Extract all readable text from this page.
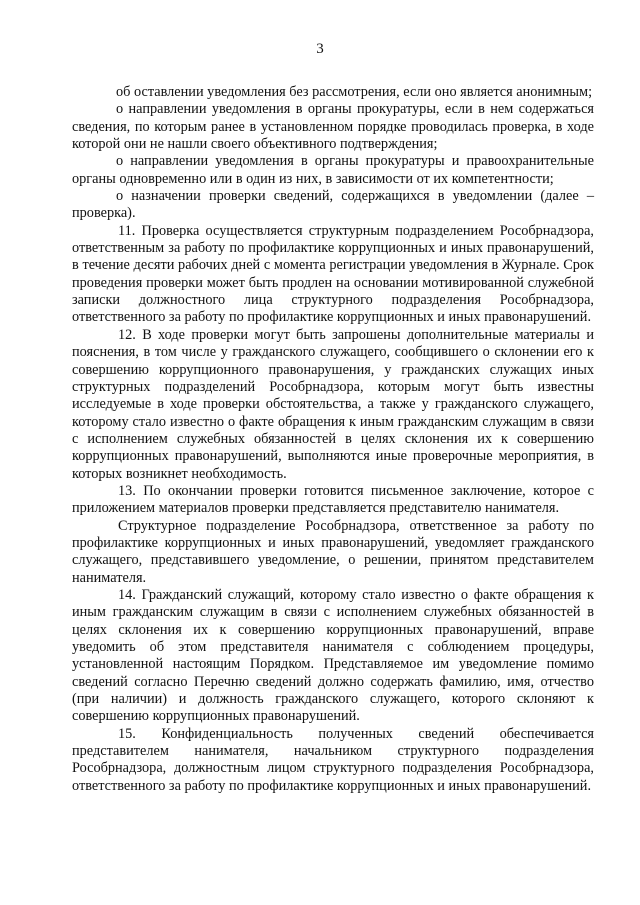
3

об оставлении уведомления без рассмотрения, если оно является анонимным;

о направлении уведомления в органы прокуратуры, если в нем содержаться сведения, по которым ранее в установленном порядке проводилась проверка, в ходе которой они не нашли своего объективного подтверждения;

о направлении уведомления в органы прокуратуры и правоохранительные органы одновременно или в один из них, в зависимости от их компетентности;

о назначении проверки сведений, содержащихся в уведомлении (далее – проверка).

11. Проверка осуществляется структурным подразделением Рособрнадзора, ответственным за работу по профилактике коррупционных и иных правонарушений, в течение десяти рабочих дней с момента регистрации уведомления в Журнале. Срок проведения проверки может быть продлен на основании мотивированной служебной записки должностного лица структурного подразделения Рособрнадзора, ответственного за работу по профилактике коррупционных и иных правонарушений.

12. В ходе проверки могут быть запрошены дополнительные материалы и пояснения, в том числе у гражданского служащего, сообщившего о склонении его к совершению коррупционного правонарушения, у гражданских служащих иных структурных подразделений Рособрнадзора, которым могут быть известны исследуемые в ходе проверки обстоятельства, а также у гражданского служащего, которому стало известно о факте обращения к иным гражданским служащим в связи с исполнением служебных обязанностей в целях склонения их к совершению коррупционных правонарушений, выполняются иные проверочные мероприятия, в которых возникнет необходимость.

13. По окончании проверки готовится письменное заключение, которое с приложением материалов проверки представляется представителю нанимателя.

Структурное подразделение Рособрнадзора, ответственное за работу по профилактике коррупционных и иных правонарушений, уведомляет гражданского служащего, представившего уведомление, о решении, принятом представителем нанимателя.

14. Гражданский служащий, которому стало известно о факте обращения к иным гражданским служащим в связи с исполнением служебных обязанностей в целях склонения их к совершению коррупционных правонарушений, вправе уведомить об этом представителя нанимателя с соблюдением процедуры, установленной настоящим Порядком. Представляемое им уведомление помимо сведений согласно Перечню сведений должно содержать фамилию, имя, отчество (при наличии) и должность гражданского служащего, которого склоняют к совершению коррупционных правонарушений.

15. Конфиденциальность полученных сведений обеспечивается представителем нанимателя, начальником структурного подразделения Рособрнадзора, должностным лицом структурного подразделения Рособрнадзора, ответственного за работу по профилактике коррупционных и иных правонарушений.
